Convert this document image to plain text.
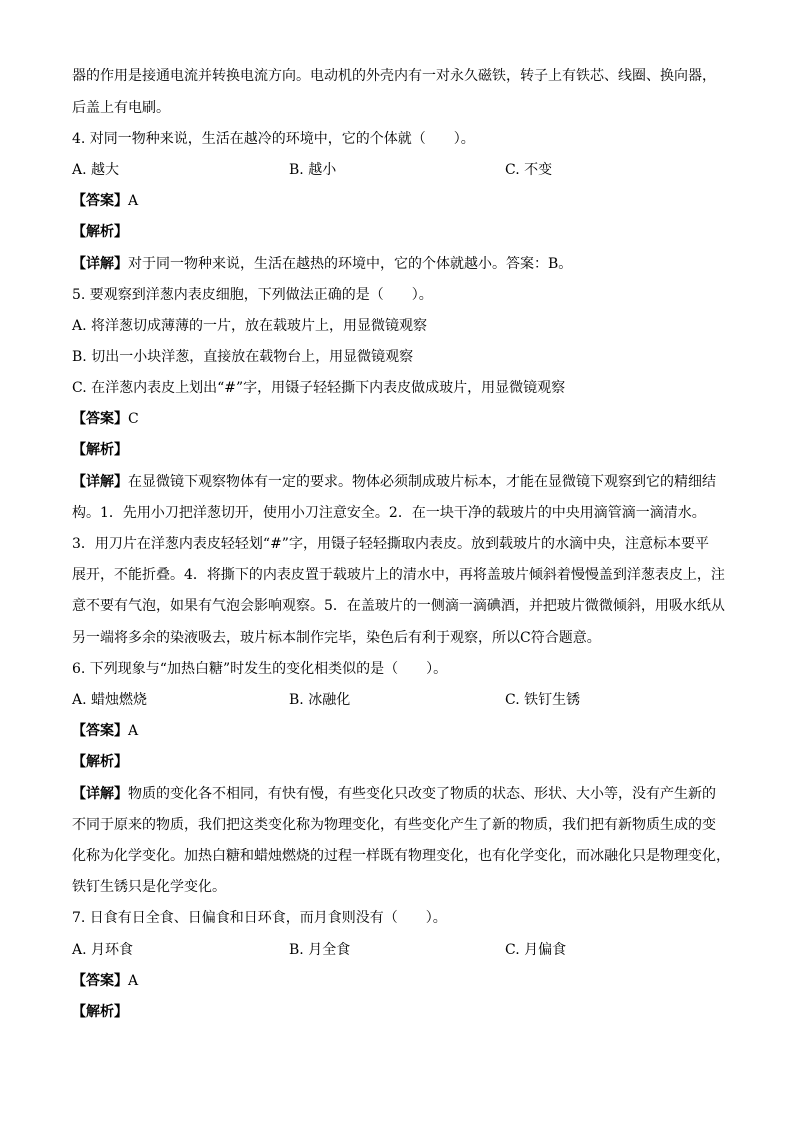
器的作用是接通电流并转换电流方向。电动机的外壳内有一对永久磁铁，转子上有铁芯、线圈、换向器，
后盖上有电刷。
4. 对同一物种来说，生活在越冷的环境中，它的个体就（　　）。
A. 越大	B. 越小	C. 不变
【答案】A
【解析】
【详解】对于同一物种来说，生活在越热的环境中，它的个体就越小。答案：B。
5. 要观察到洋葱内表皮细胞，下列做法正确的是（　　）。
A. 将洋葱切成薄薄的一片，放在载玻片上，用显微镜观察
B. 切出一小块洋葱，直接放在载物台上，用显微镜观察
C. 在洋葱内表皮上划出“#”字，用镊子轻轻撕下内表皮做成玻片，用显微镜观察
【答案】C
【解析】
【详解】在显微镜下观察物体有一定的要求。物体必须制成玻片标本，才能在显微镜下观察到它的精细结
构。1．先用小刀把洋葱切开，使用小刀注意安全。2．在一块干净的载玻片的中央用滴管滴一滴清水。
3．用刀片在洋葱内表皮轻轻划“#”字，用镊子轻轻撕取内表皮。放到载玻片的水滴中央，注意标本要平
展开，不能折叠。4．将撕下的内表皮置于载玻片上的清水中，再将盖玻片倾斜着慢慢盖到洋葱表皮上，注
意不要有气泡，如果有气泡会影响观察。5．在盖玻片的一侧滴一滴碘酒，并把玻片微微倾斜，用吸水纸从
另一端将多余的染液吸去，玻片标本制作完毕，染色后有利于观察，所以C符合题意。
6. 下列现象与“加热白糖”时发生的变化相类似的是（　　）。
A. 蜡烛燃烧	B. 冰融化	C. 铁钉生锈
【答案】A
【解析】
【详解】物质的变化各不相同，有快有慢，有些变化只改变了物质的状态、形状、大小等，没有产生新的
不同于原来的物质，我们把这类变化称为物理变化，有些变化产生了新的物质，我们把有新物质生成的变
化称为化学变化。加热白糖和蜡烛燃烧的过程一样既有物理变化，也有化学变化，而冰融化只是物理变化，
铁钉生锈只是化学变化。
7. 日食有日全食、日偏食和日环食，而月食则没有（　　）。
A. 月环食	B. 月全食	C. 月偏食
【答案】A
【解析】
